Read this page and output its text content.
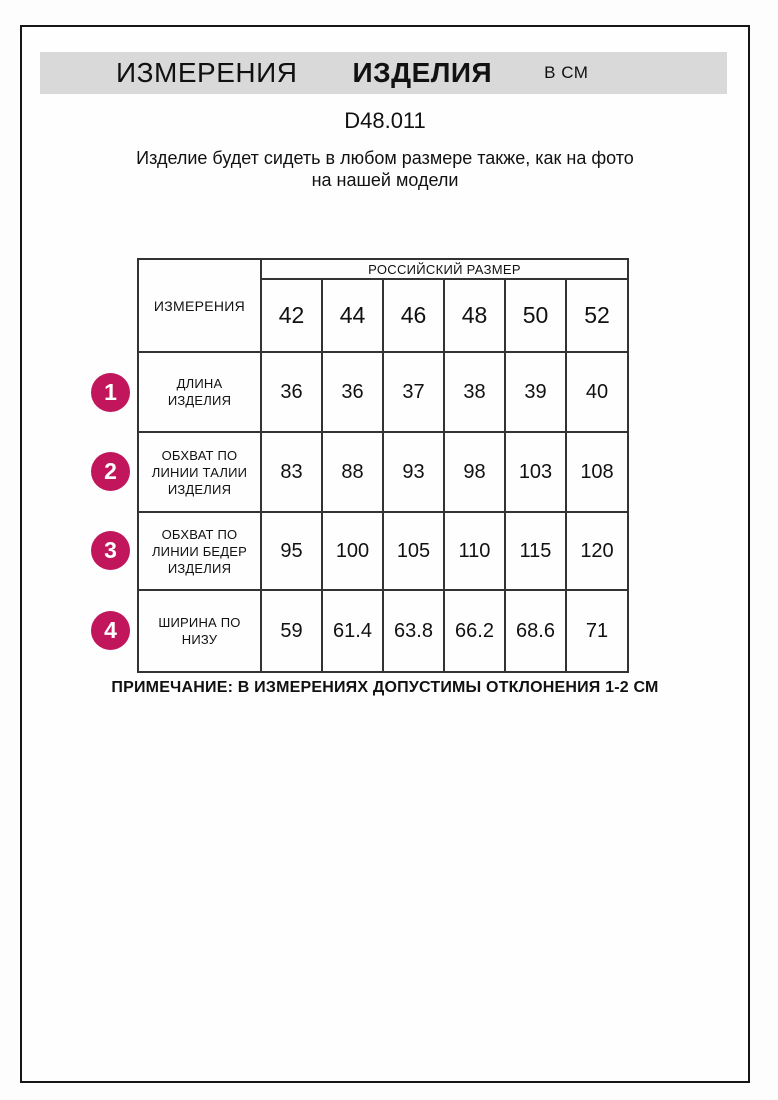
ИЗМЕРЕНИЯ ИЗДЕЛИЯ	В СМ
D48.011
Изделие будет сидеть в любом размере также, как на фото
на нашей модели
ИЗМЕРЕНИЯ	РОССИЙСКИЙ РАЗМЕР					
	42	44	46	48	50	52
ДЛИНА ИЗДЕЛИЯ	36	36	37	38	39	40
ОБХВАТ ПО ЛИНИИ ТАЛИИ ИЗДЕЛИЯ	83	88	93	98	103	108
ОБХВАТ ПО ЛИНИИ БЕДЕР ИЗДЕЛИЯ	95	100	105	110	115	120
ШИРИНА ПО НИЗУ	59	61.4	63.8	66.2	68.6	71
1
2
3
4
ПРИМЕЧАНИЕ: В ИЗМЕРЕНИЯХ ДОПУСТИМЫ ОТКЛОНЕНИЯ 1-2 СМ
